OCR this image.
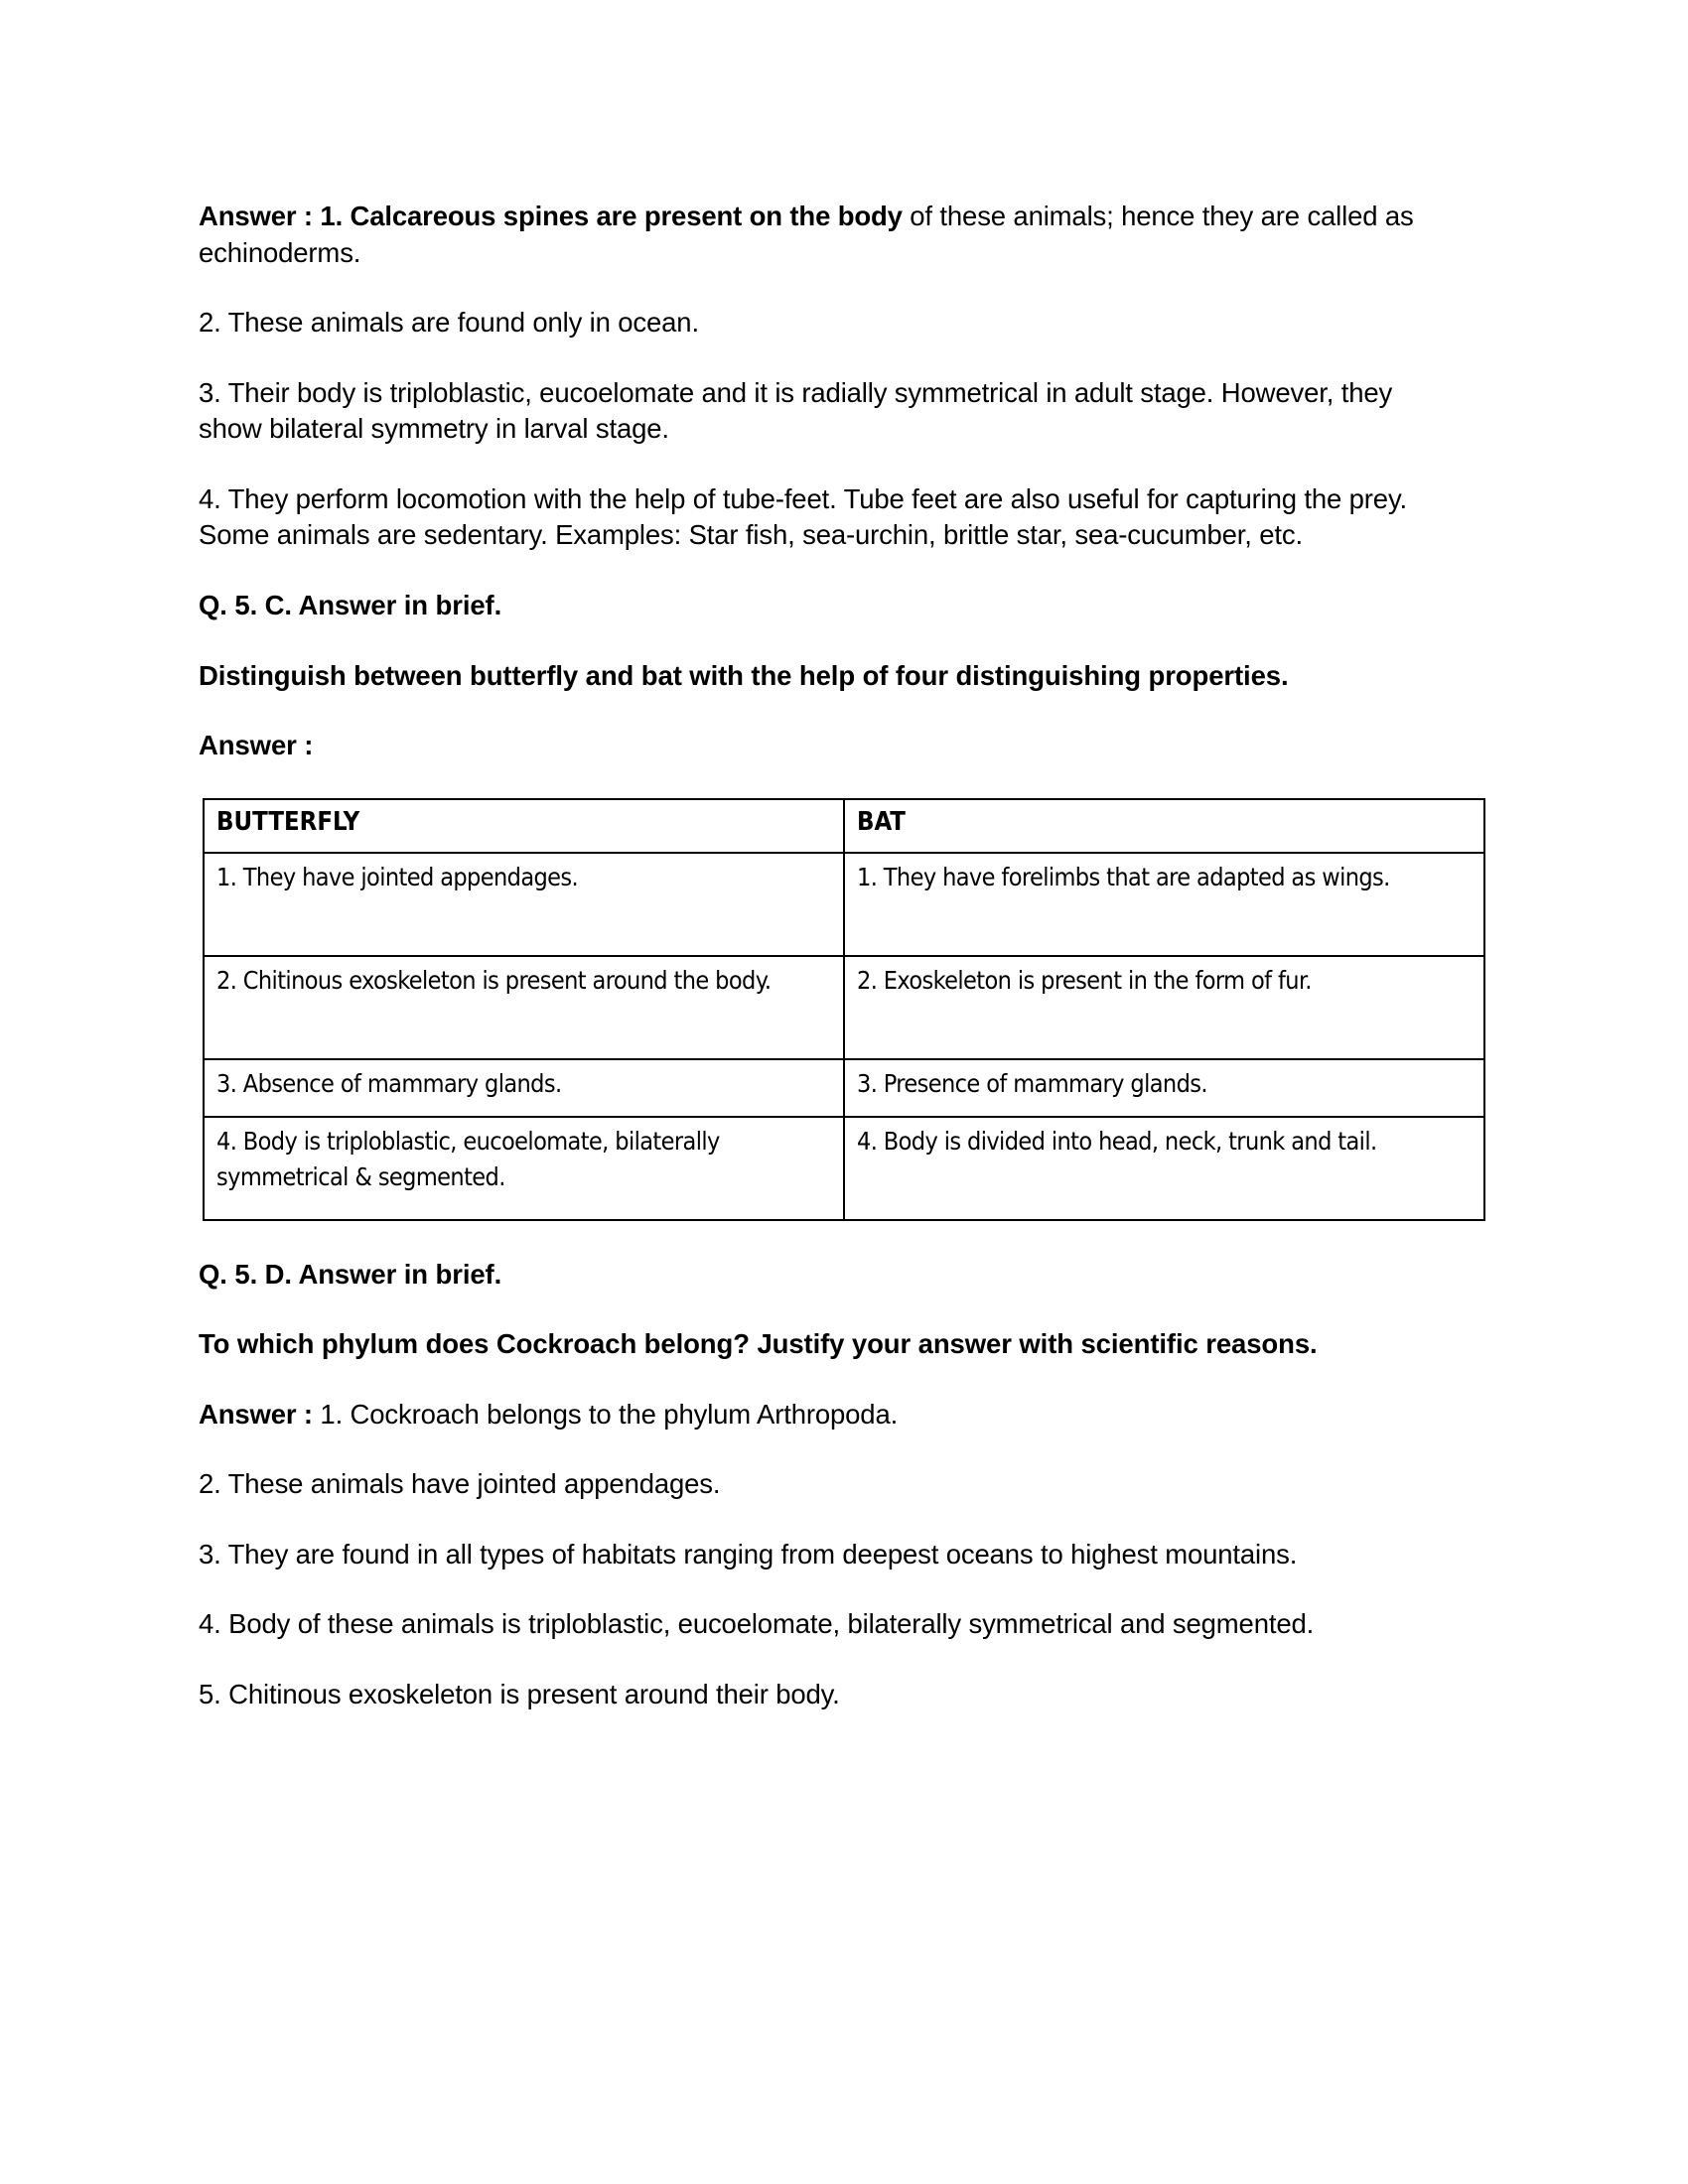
Answer : 1. Calcareous spines are present on the body of these animals; hence they are called as echinoderms.

2. These animals are found only in ocean.

3. Their body is triploblastic, eucoelomate and it is radially symmetrical in adult stage. However, they show bilateral symmetry in larval stage.

4. They perform locomotion with the help of tube-feet. Tube feet are also useful for capturing the prey. Some animals are sedentary. Examples: Star fish, sea-urchin, brittle star, sea-cucumber, etc.

Q. 5. C. Answer in brief.
Distinguish between butterfly and bat with the help of four distinguishing properties.
Answer :
BUTTERFLY	BAT
1. They have jointed appendages.	1. They have forelimbs that are adapted as wings.
2. Chitinous exoskeleton is present around the body.	2. Exoskeleton is present in the form of fur.
3. Absence of mammary glands.	3. Presence of mammary glands.
4. Body is triploblastic, eucoelomate, bilaterally symmetrical & segmented.	4. Body is divided into head, neck, trunk and tail.
Q. 5. D. Answer in brief.
To which phylum does Cockroach belong? Justify your answer with scientific reasons.

Answer : 1. Cockroach belongs to the phylum Arthropoda.

2. These animals have jointed appendages.

3. They are found in all types of habitats ranging from deepest oceans to highest mountains.

4. Body of these animals is triploblastic, eucoelomate, bilaterally symmetrical and segmented.

5. Chitinous exoskeleton is present around their body.
